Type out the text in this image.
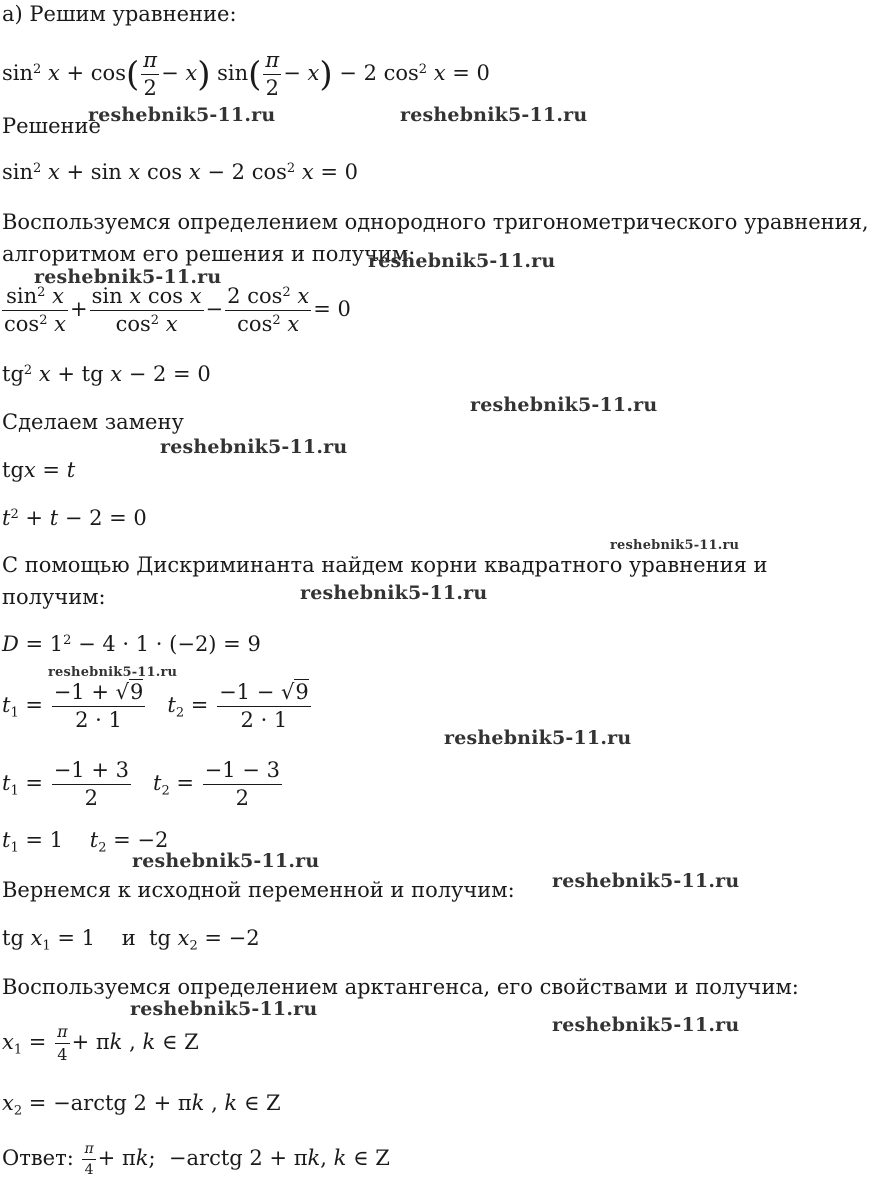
а) Решим уравнение:
$\sin^2 x + \cos( \frac{\pi}{2} - x)$ $\sin( \frac{\pi}{2} - x) - 2$ $\cos^2 x = 0$
Решение
$\sin^2 x + \sin x$ cos x − 2 $\cos^2 x = 0$
Воспользуемся определением однородного тригонометрического уравнения,
алгоритмом его решения и получим:
$\frac{\sin^2 x}{\cos^2 x} + \frac{\text{sin x cos x}}{\cos^2 x} - \frac{2 \cos^2 x}{\cos^2 x} = 0$
$tg^2$ x + tg x − 2 = 0
Сделаем замену
tgx = t
$t^2 + t - 2 = 0$
С помощью Дискриминанта найдем корни квадратного уравнения и
получим:
$D = 1^2 - 4 \cdot 1 \cdot (-2) = 9$
$t_1 = \frac{-1 + √9}{2 \cdot 1} t_2 = \frac{-1 - √9}{2 \cdot 1}$
$t_1 = \frac{-1 + 3}{2} t_2 = \frac{-1 - 3}{2}$
$t_1 = 1$    $t_2 = -2$
Вернемся к исходной переменной и получим:
tg $x_1 = 1$    и  tg $x_2 = -2$
Воспользуемся определением арктангенса, его свойствами и получим:
$x_1 = \frac{\pi}{4} + \pi k$ , k ∈ Z
$x_2$ = −arctg 2 + πk , k ∈ Z
Ответ: $\frac{\pi}{4} + \pi k$;  −arctg 2 + πk, k ∈ Z
reshebnik5-11.ru	reshebnik5-11.ru
reshebnik5-11.ru
reshebnik5-11.ru
reshebnik5-11.ru
reshebnik5-11.ru
reshebnik5-11.ru
reshebnik5-11.ru
reshebnik5-11.ru
reshebnik5-11.ru
reshebnik5-11.ru
reshebnik5-11.ru
reshebnik5-11.ru
reshebnik5-11.ru
